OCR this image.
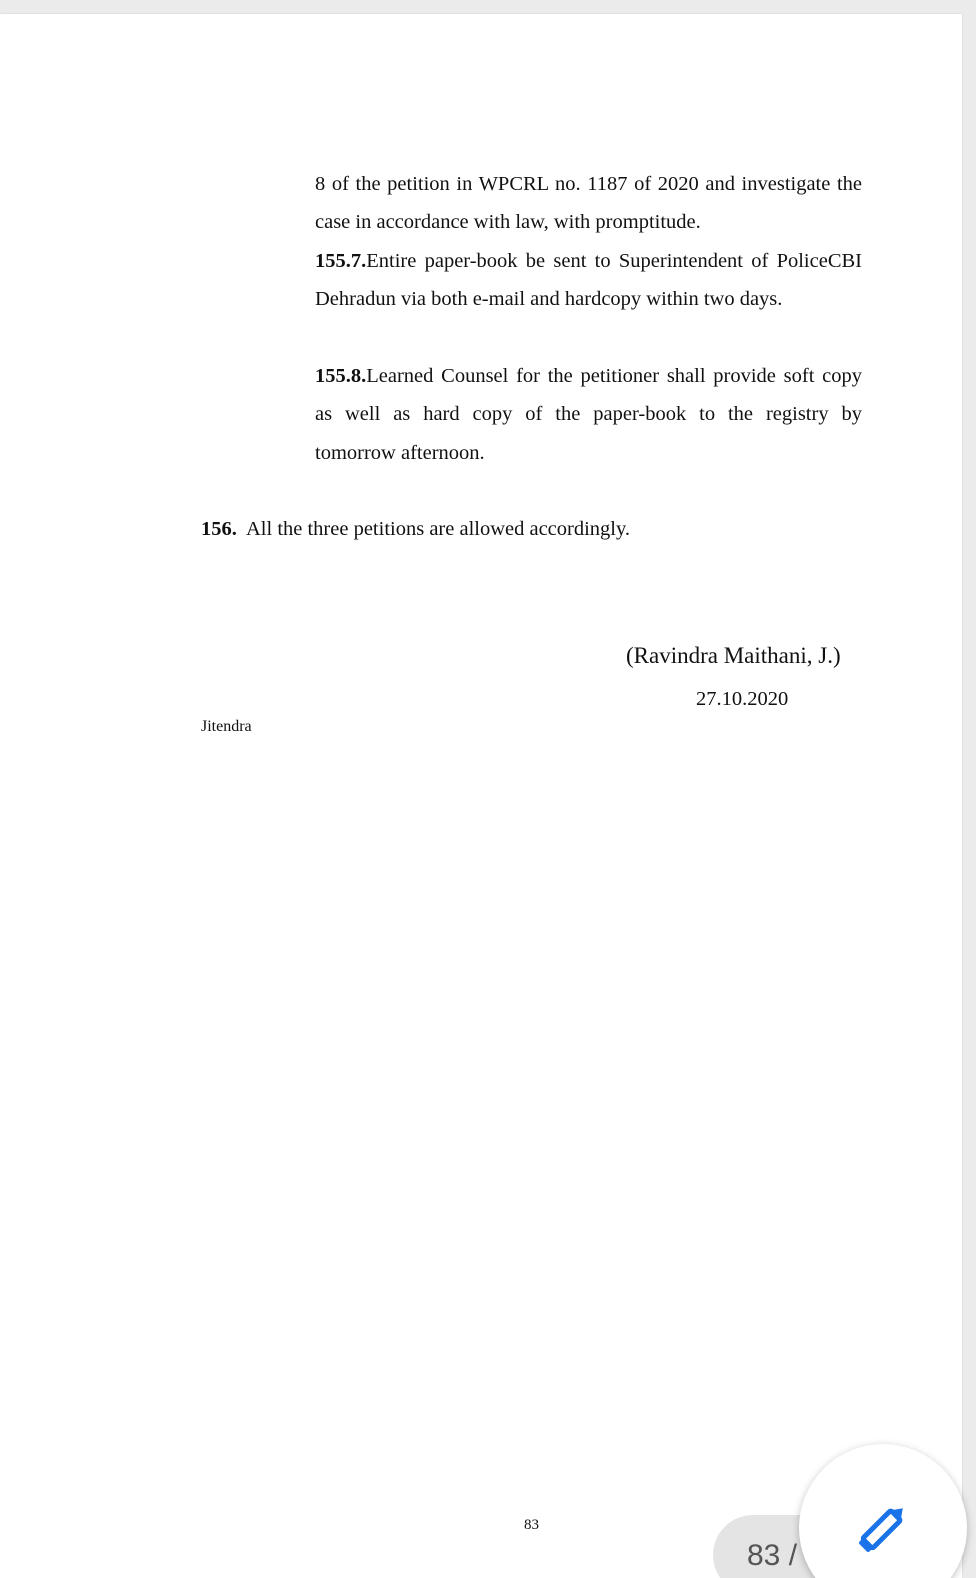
8 of the petition in WPCRL no. 1187 of 2020 and investigate the case in accordance with law, with promptitude.

155.7.Entire paper-book be sent to Superintendent of PoliceCBI Dehradun via both e-mail and hardcopy within two days.

155.8.Learned Counsel for the petitioner shall provide soft copy as well as hard copy of the paper-book to the registry by tomorrow afternoon.

156. All the three petitions are allowed accordingly.
(Ravindra Maithani, J.)
27.10.2020
Jitendra
83
83 /
